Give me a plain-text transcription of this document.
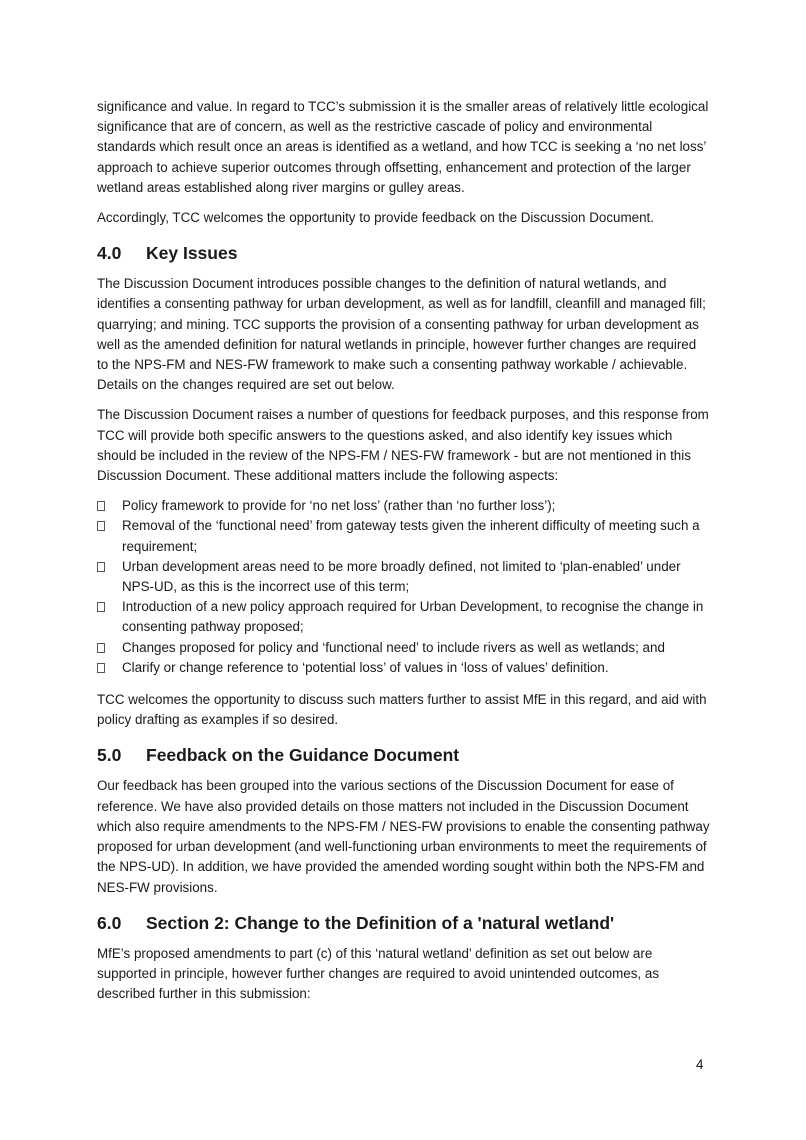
significance and value. In regard to TCC’s submission it is the smaller areas of relatively little ecological significance that are of concern, as well as the restrictive cascade of policy and environmental standards which result once an areas is identified as a wetland, and how TCC is seeking a ‘no net loss’ approach to achieve superior outcomes through offsetting, enhancement and protection of the larger wetland areas established along river margins or gulley areas.

Accordingly, TCC welcomes the opportunity to provide feedback on the Discussion Document.

4.0	Key Issues

The Discussion Document introduces possible changes to the definition of natural wetlands, and identifies a consenting pathway for urban development, as well as for landfill, cleanfill and managed fill; quarrying; and mining. TCC supports the provision of a consenting pathway for urban development as well as the amended definition for natural wetlands in principle, however further changes are required to the NPS-FM and NES-FW framework to make such a consenting pathway workable / achievable. Details on the changes required are set out below.

The Discussion Document raises a number of questions for feedback purposes, and this response from TCC will provide both specific answers to the questions asked, and also identify key issues which should be included in the review of the NPS-FM / NES-FW framework - but are not mentioned in this Discussion Document. These additional matters include the following aspects:

Policy framework to provide for ‘no net loss’ (rather than ‘no further loss’);
Removal of the ‘functional need’ from gateway tests given the inherent difficulty of meeting such a requirement;
Urban development areas need to be more broadly defined, not limited to ‘plan-enabled’ under NPS-UD, as this is the incorrect use of this term;
Introduction of a new policy approach required for Urban Development, to recognise the change in consenting pathway proposed;
Changes proposed for policy and ‘functional need’ to include rivers as well as wetlands; and
Clarify or change reference to ‘potential loss’ of values in ‘loss of values’ definition.

TCC welcomes the opportunity to discuss such matters further to assist MfE in this regard, and aid with policy drafting as examples if so desired.

5.0	Feedback on the Guidance Document

Our feedback has been grouped into the various sections of the Discussion Document for ease of reference. We have also provided details on those matters not included in the Discussion Document which also require amendments to the NPS-FM / NES-FW provisions to enable the consenting pathway proposed for urban development (and well-functioning urban environments to meet the requirements of the NPS-UD). In addition, we have provided the amended wording sought within both the NPS-FM and NES-FW provisions.

6.0	Section 2: Change to the Definition of a 'natural wetland'

MfE’s proposed amendments to part (c) of this ‘natural wetland’ definition as set out below are supported in principle, however further changes are required to avoid unintended outcomes, as described further in this submission:

4
